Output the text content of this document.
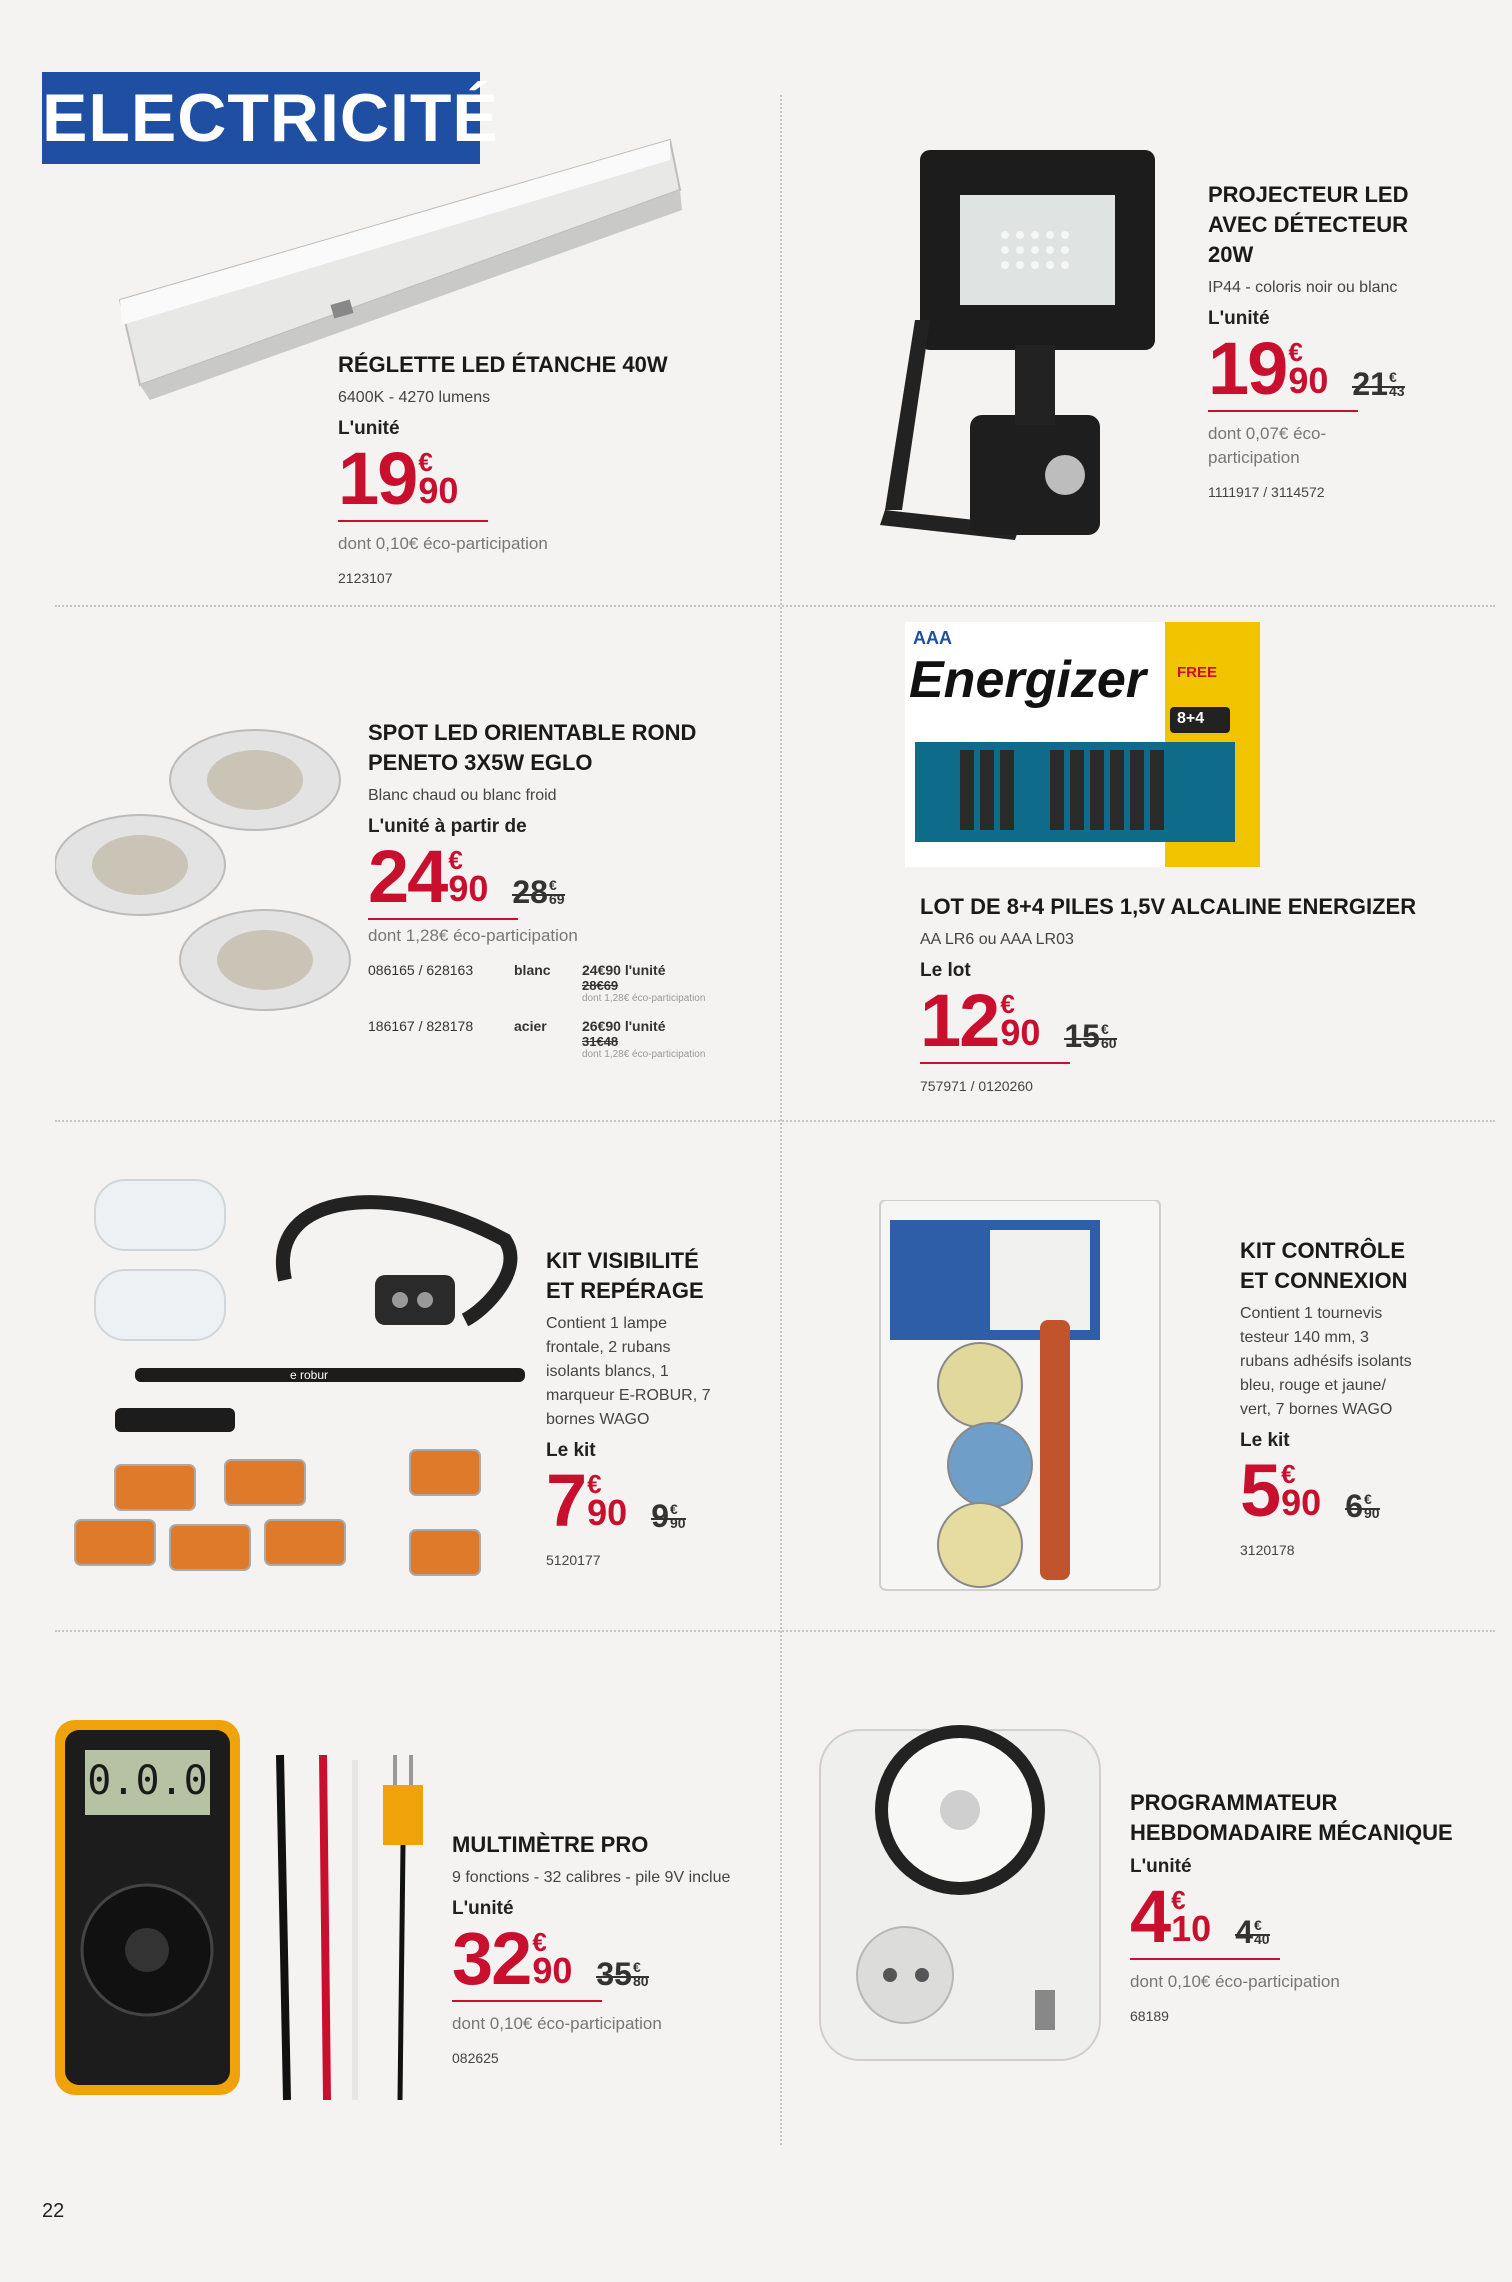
ELECTRICITÉ
RÉGLETTE LED ÉTANCHE 40W
6400K - 4270 lumens
L'unité
19 €
90
dont 0,10€ éco-participation
2123107
PROJECTEUR LED
AVEC DÉTECTEUR
20W
IP44 - coloris noir ou blanc
L'unité
19 €
90 21 €
43
dont 0,07€ éco-
participation
1111917 / 3114572
SPOT LED ORIENTABLE ROND
PENETO 3X5W EGLO
Blanc chaud ou blanc froid
L'unité à partir de
24 €
90 28 €
69
dont 1,28€ éco-participation
086165 / 628163	blanc	24€90 l'unité
28€69
dont 1,28€ éco-participation
186167 / 828178	acier	26€90 l'unité
31€48
dont 1,28€ éco-participation
AAA
Energizer
8+4
FREE
LOT DE 8+4 PILES 1,5V ALCALINE ENERGIZER
AA LR6 ou AAA LR03
Le lot
12 €
90 15 €
60
757971 / 0120260
e robur
KIT VISIBILITÉ
ET REPÉRAGE
Contient 1 lampe
frontale, 2 rubans
isolants blancs, 1
marqueur E-ROBUR, 7
bornes WAGO
Le kit
7 €
90 9 €
90
5120177
KIT CONTRÔLE
ET CONNEXION
Contient 1 tournevis
testeur 140 mm, 3
rubans adhésifs isolants
bleu, rouge et jaune/
vert, 7 bornes WAGO
Le kit
5 €
90 6 €
90
3120178
0.0.0
MULTIMÈTRE PRO
9 fonctions - 32 calibres - pile 9V inclue
L'unité
32 €
90 35 €
80
dont 0,10€ éco-participation
082625
PROGRAMMATEUR
HEBDOMADAIRE MÉCANIQUE
L'unité
4 €
10 4 €
40
dont 0,10€ éco-participation
68189
22
